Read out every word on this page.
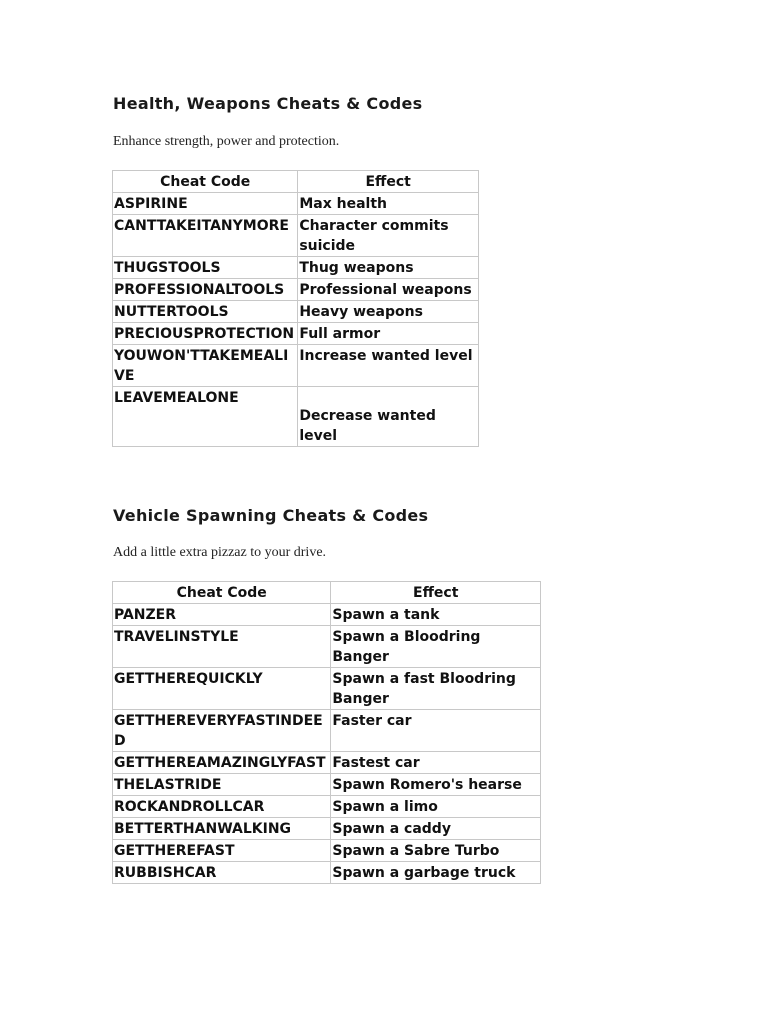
Health, Weapons Cheats & Codes

Enhance strength, power and protection.

Cheat Code	Effect
ASPIRINE	Max health
CANTTAKEITANYMORE	Character commits suicide
THUGSTOOLS	Thug weapons
PROFESSIONALTOOLS	Professional weapons
NUTTERTOOLS	Heavy weapons
PRECIOUSPROTECTION	Full armor
YOUWON'TTAKEMEALIVE	Increase wanted level
LEAVEMEALONE	Decrease wanted level
Vehicle Spawning Cheats & Codes

Add a little extra pizzaz to your drive.

Cheat Code	Effect
PANZER	Spawn a tank
TRAVELINSTYLE	Spawn a Bloodring Banger
GETTHEREQUICKLY	Spawn a fast Bloodring Banger
GETTHEREVERYFASTINDEED	Faster car
GETTHEREAMAZINGLYFAST	Fastest car
THELASTRIDE	Spawn Romero's hearse
ROCKANDROLLCAR	Spawn a limo
BETTERTHANWALKING	Spawn a caddy
GETTHEREFAST	Spawn a Sabre Turbo
RUBBISHCAR	Spawn a garbage truck
